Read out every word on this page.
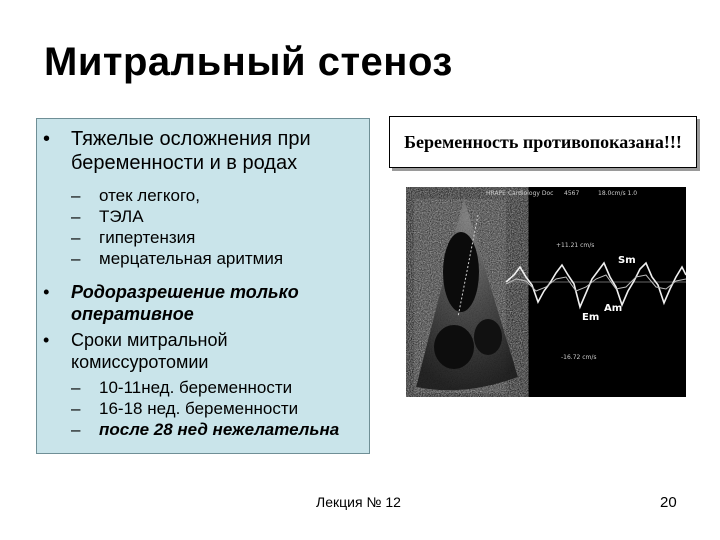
Митральный стеноз
• Тяжелые осложнения при
беременности и в родах
– отек легкого,
– ТЭЛА
– гипертензия
– мерцательная аритмия
• Родоразрешение только
оперативное
• Сроки митральной
комиссуротомии
– 10-11нед. беременности
– 16-18 нед. беременности
– после 28 нед нежелательна
Беременность противопоказана!!!
HRAPE Cardiology Doc 4567	18.0cm/s 1.0
+11.21 cm/s
-16.72 cm/s
Sm
Em
Am
Лекция № 12	20
